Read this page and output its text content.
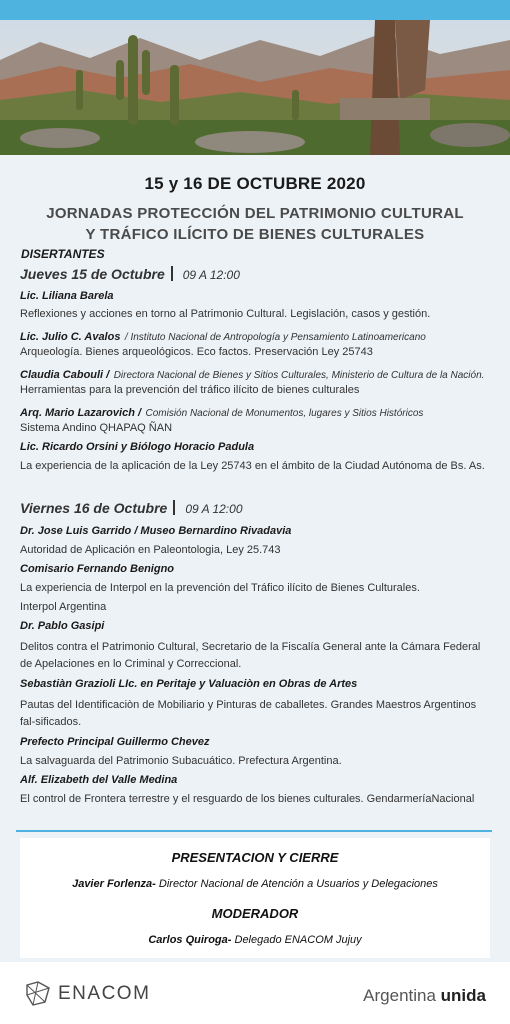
15 y 16 DE OCTUBRE 2020
JORNADAS PROTECCIÓN DEL PATRIMONIO CULTURAL
Y TRÁFICO ILÍCITO DE BIENES CULTURALES
DISERTANTES
Jueves 15 de Octubre 09 A 12:00
Lic. Liliana Barela
Reflexiones y acciones en torno al Patrimonio Cultural. Legislación, casos y gestión.
Lic. Julio C. Avalos / Instituto Nacional de Antropología y Pensamiento Latinoamericano
Arqueología. Bienes arqueológicos. Eco factos. Preservación Ley 25743
Claudia Cabouli / Directora Nacional de Bienes y Sitios Culturales, Ministerio de Cultura de la Nación.
Herramientas para la prevención del tráfico ilícito de bienes culturales
Arq. Mario Lazarovich / Comisión Nacional de Monumentos, lugares y Sitios Históricos
Sistema Andino QHAPAQ ÑAN
Lic. Ricardo Orsini y Biólogo Horacio Padula
La experiencia de la aplicación de la Ley 25743 en el ámbito de la Ciudad Autónoma de Bs. As.
Viernes 16 de Octubre 09 A 12:00
Dr. Jose Luis Garrido / Museo Bernardino Rivadavia
Autoridad de Aplicación en Paleontologia, Ley 25.743
Comisario Fernando Benigno
La experiencia de Interpol en la prevención del Tráfico ilícito de Bienes Culturales.
Interpol Argentina
Dr. Pablo Gasipi
Delitos contra el Patrimonio Cultural, Secretario de la Fiscalía General ante la Cámara Federal de Apelaciones en lo Criminal y Correccional.
Sebastiàn Grazioli LIc. en Peritaje y Valuaciòn en Obras de Artes
Pautas del Identificaciòn de Mobiliario y Pinturas de caballetes. Grandes Maestros Argentinos fal-sificados.
Prefecto Principal Guillermo Chevez
La salvaguarda del Patrimonio Subacuático. Prefectura Argentina.
Alf. Elizabeth del Valle Medina
El control de Frontera terrestre y el resguardo de los bienes culturales. GendarmeríaNacional
PRESENTACION Y CIERRE
Javier Forlenza- Director Nacional de Atención a Usuarios y Delegaciones
MODERADOR
Carlos Quiroga- Delegado ENACOM Jujuy
ENACOM	Argentina unida
